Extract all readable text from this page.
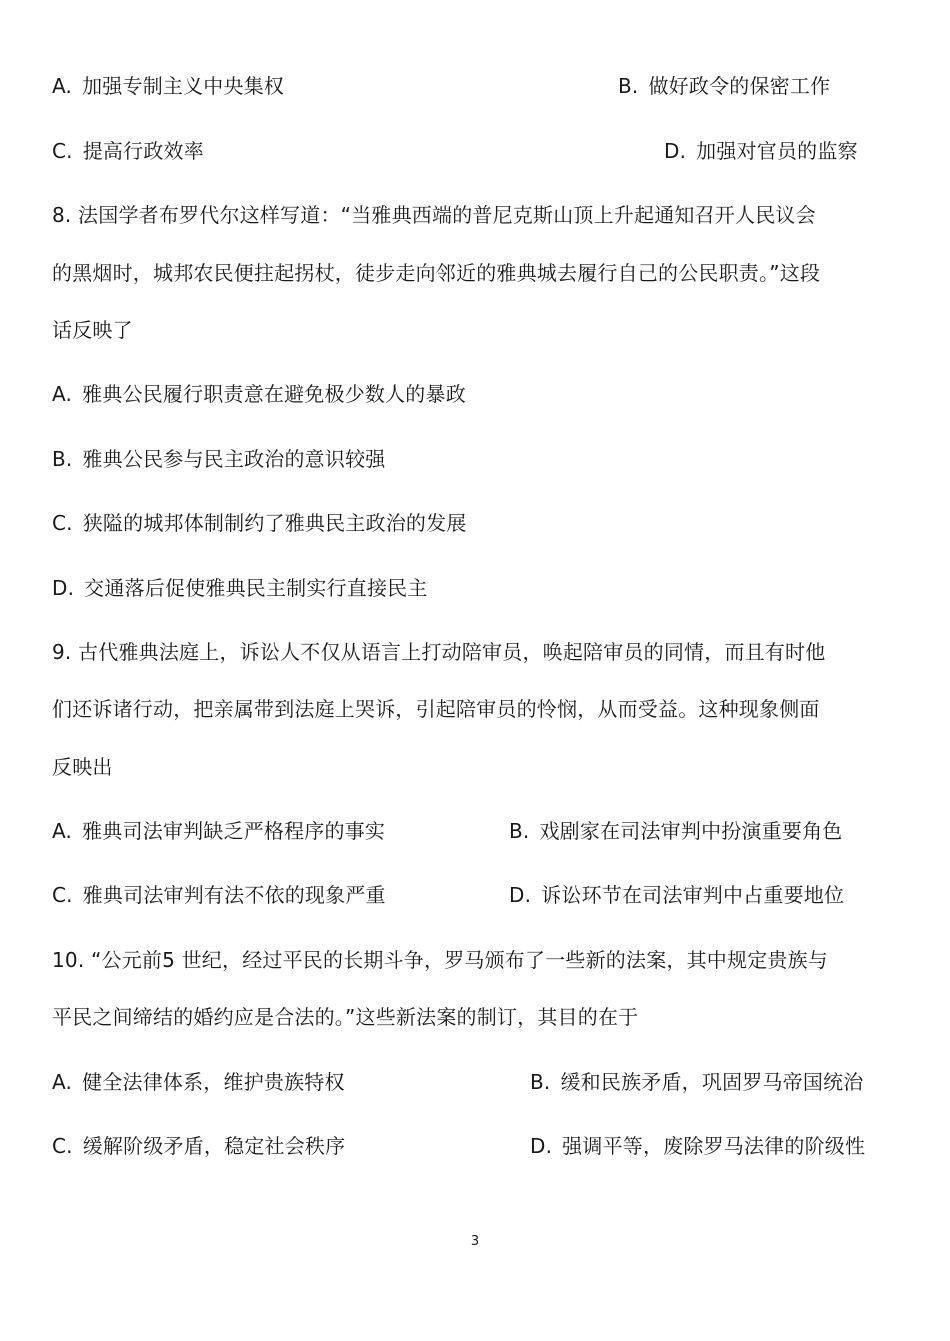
A. 加强专制主义中央集权	B. 做好政令的保密工作
C. 提高行政效率	D. 加强对官员的监察
8. 法国学者布罗代尔这样写道：“当雅典西端的普尼克斯山顶上升起通知召开人民议会
的黑烟时，城邦农民便拄起拐杖，徒步走向邻近的雅典城去履行自己的公民职责。”这段
话反映了
A. 雅典公民履行职责意在避免极少数人的暴政
B. 雅典公民参与民主政治的意识较强
C. 狭隘的城邦体制制约了雅典民主政治的发展
D. 交通落后促使雅典民主制实行直接民主
9. 古代雅典法庭上，诉讼人不仅从语言上打动陪审员，唤起陪审员的同情，而且有时他
们还诉诸行动，把亲属带到法庭上哭诉，引起陪审员的怜悯，从而受益。这种现象侧面
反映出
A. 雅典司法审判缺乏严格程序的事实	B. 戏剧家在司法审判中扮演重要角色
C. 雅典司法审判有法不依的现象严重	D. 诉讼环节在司法审判中占重要地位
10. “公元前5 世纪，经过平民的长期斗争，罗马颁布了一些新的法案，其中规定贵族与
平民之间缔结的婚约应是合法的。”这些新法案的制订，其目的在于
A. 健全法律体系，维护贵族特权	B. 缓和民族矛盾，巩固罗马帝国统治
C. 缓解阶级矛盾，稳定社会秩序	D. 强调平等，废除罗马法律的阶级性
3
